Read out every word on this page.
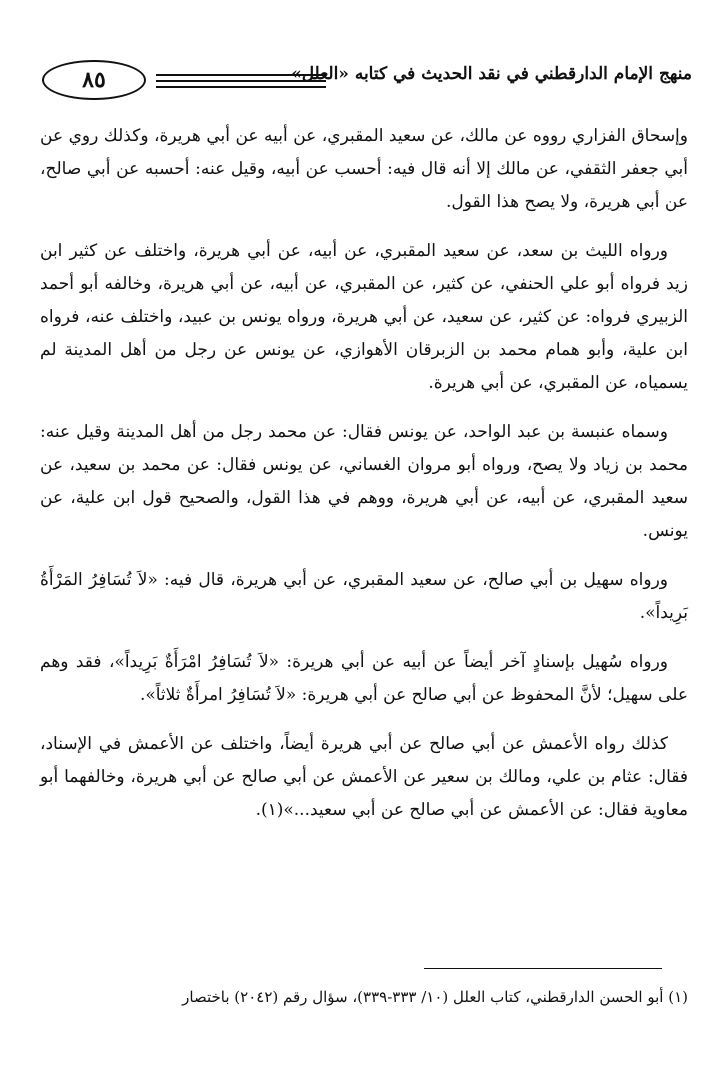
٨٥	منهج الإمام الدارقطني في نقد الحديث في كتابه «العلل»

وإسحاق الفزاري رووه عن مالك، عن سعيد المقبري، عن أبيه عن أبي هريرة، وكذلك روي عن أبي جعفر الثقفي، عن مالك إلا أنه قال فيه: أحسب عن أبيه، وقيل عنه: أحسبه عن أبي صالح، عن أبي هريرة، ولا يصح هذا القول.

ورواه الليث بن سعد، عن سعيد المقبري، عن أبيه، عن أبي هريرة، واختلف عن كثير ابن زيد فرواه أبو علي الحنفي، عن كثير، عن المقبري، عن أبيه، عن أبي هريرة، وخالفه أبو أحمد الزبيري فرواه: عن كثير، عن سعيد، عن أبي هريرة، ورواه يونس بن عبيد، واختلف عنه، فرواه ابن علية، وأبو همام محمد بن الزبرقان الأهوازي، عن يونس عن رجل من أهل المدينة لم يسمياه، عن المقبري، عن أبي هريرة.

وسماه عنبسة بن عبد الواحد، عن يونس فقال: عن محمد رجل من أهل المدينة وقيل عنه: محمد بن زياد ولا يصح، ورواه أبو مروان الغساني، عن يونس فقال: عن محمد بن سعيد، عن سعيد المقبري، عن أبيه، عن أبي هريرة، ووهم في هذا القول، والصحيح قول ابن علية، عن يونس.

ورواه سهيل بن أبي صالح، عن سعيد المقبري، عن أبي هريرة، قال فيه: «لاَ تُسَافِرُ المَرْأَةُ بَرِيداً».

ورواه سُهيل بإسنادٍ آخر أيضاً عن أبيه عن أبي هريرة: «لاَ تُسَافِرُ امْرَأَةٌ بَرِيداً»، فقد وهم على سهيل؛ لأنَّ المحفوظ عن أبي صالح عن أبي هريرة: «لاَ تُسَافِرُ امرأَةٌ ثلاثاً».

كذلك رواه الأعمش عن أبي صالح عن أبي هريرة أيضاً، واختلف عن الأعمش في الإسناد، فقال: عثام بن علي، ومالك بن سعير عن الأعمش عن أبي صالح عن أبي هريرة، وخالفهما أبو معاوية فقال: عن الأعمش عن أبي صالح عن أبي سعيد...»(١).

(١) أبو الحسن الدارقطني، كتاب العلل (١٠/ ٣٣٣-٣٣٩)، سؤال رقم (٢٠٤٢) باختصار
